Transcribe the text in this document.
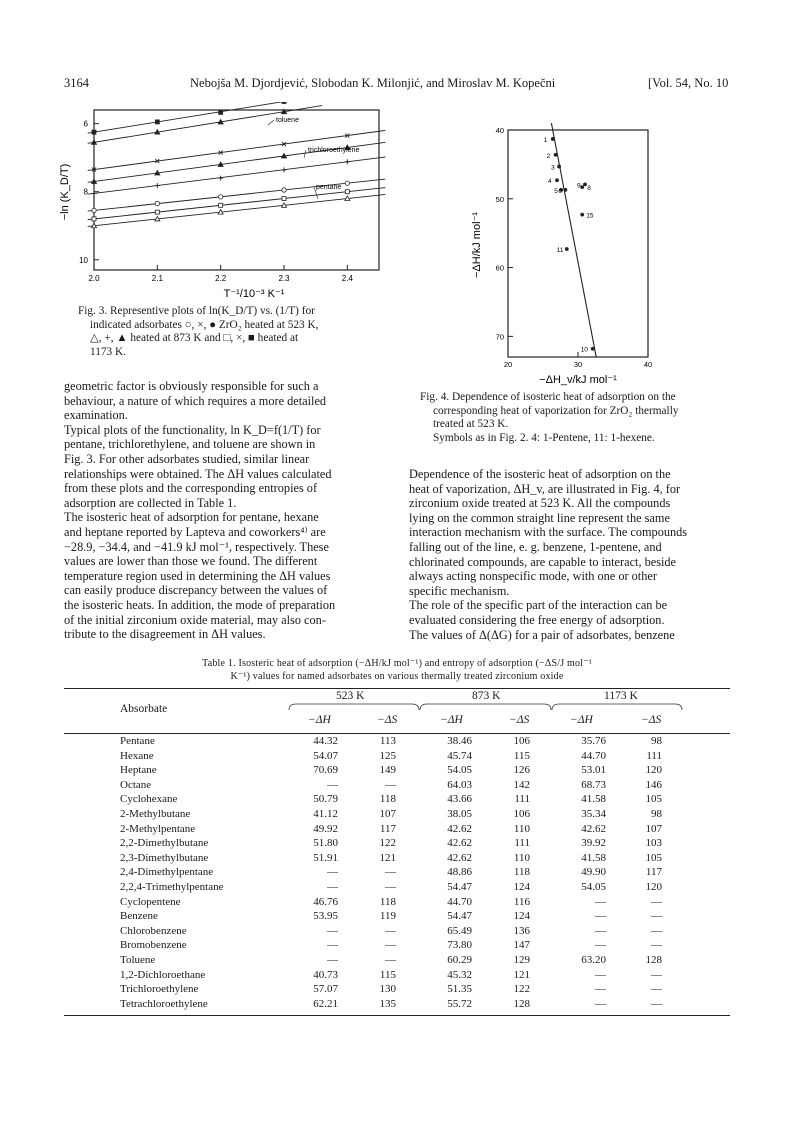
3164	Nebojša M. Djordjević, Slobodan K. Milonjić, and Miroslav M. Kopečni	[Vol. 54, No. 10
2.0	2.1	2.2	2.3	2.4
6
8
10
toluene
trichloroethylene
pentane
−ln (K_D/T)
T⁻¹/10⁻³ K⁻¹
Fig. 3. Representive plots of ln(K_D/T) vs. (1/T) for
indicated adsorbates ○, ×, ● ZrO₂ heated at 523 K,
△, +, ▲ heated at 873 K and □, ×, ■ heated at
1173 K.
20	30	40
40
50
60
70
1
2
3
4
5 6	8
9
10
11
15
−ΔH/kJ mol⁻¹
−ΔH_v/kJ mol⁻¹
Fig. 4. Dependence of isosteric heat of adsorption on the
corresponding heat of vaporization for ZrO₂ thermally
treated at 523 K.
Symbols as in Fig. 2. 4: 1-Pentene, 11: 1-hexene.

geometric factor is obviously responsible for such a

behaviour, a nature of which requires a more detailed

examination.

Typical plots of the functionality, ln K_D=f(1/T) for

pentane, trichlorethylene, and toluene are shown in

Fig. 3. For other adsorbates studied, similar linear

relationships were obtained. The ΔH values calculated

from these plots and the corresponding entropies of

adsorption are collected in Table 1.

The isosteric heat of adsorption for pentane, hexane

and heptane reported by Lapteva and coworkers⁴⁾ are

−28.9, −34.4, and −41.9 kJ mol⁻¹, respectively. These

values are lower than those we found. The different

temperature region used in determining the ΔH values

can easily produce discrepancy between the values of

the isosteric heats. In addition, the mode of preparation

of the initial zirconium oxide material, may also con-

tribute to the disagreement in ΔH values.

Dependence of the isosteric heat of adsorption on the

heat of vaporization, ΔH_v, are illustrated in Fig. 4, for

zirconium oxide treated at 523 K. All the compounds

lying on the common straight line represent the same

interaction mechanism with the surface. The compounds

falling out of the line, e. g. benzene, 1-pentene, and

chlorinated compounds, are capable to interact, beside

always acting nonspecific mode, with one or other

specific mechanism.

The role of the specific part of the interaction can be

evaluated considering the free energy of adsorption.

The values of Δ(ΔG) for a pair of adsorbates, benzene

Table 1. Isosteric heat of adsorption (−ΔH/kJ mol⁻¹) and entropy of adsorption (−ΔS/J mol⁻¹
K⁻¹) values for named adsorbates on various thermally treated zirconium oxide
Absorbate
523 K	873 K	1173 K
−ΔH	−ΔS	−ΔH	−ΔS	−ΔH	−ΔS
Pentane	44.32	113	38.46	106	35.76	98
Hexane	54.07	125	45.74	115	44.70	111
Heptane	70.69	149	54.05	126	53.01	120
Octane	—	—	64.03	142	68.73	146
Cyclohexane	50.79	118	43.66	111	41.58	105
2-Methylbutane	41.12	107	38.05	106	35.34	98
2-Methylpentane	49.92	117	42.62	110	42.62	107
2,2-Dimethylbutane	51.80	122	42.62	111	39.92	103
2,3-Dimethylbutane	51.91	121	42.62	110	41.58	105
2,4-Dimethylpentane	—	—	48.86	118	49.90	117
2,2,4-Trimethylpentane	—	—	54.47	124	54.05	120
Cyclopentene	46.76	118	44.70	116	—	—
Benzene	53.95	119	54.47	124	—	—
Chlorobenzene	—	—	65.49	136	—	—
Bromobenzene	—	—	73.80	147	—	—
Toluene	—	—	60.29	129	63.20	128
1,2-Dichloroethane	40.73	115	45.32	121	—	—
Trichloroethylene	57.07	130	51.35	122	—	—
Tetrachloroethylene	62.21	135	55.72	128	—	—
